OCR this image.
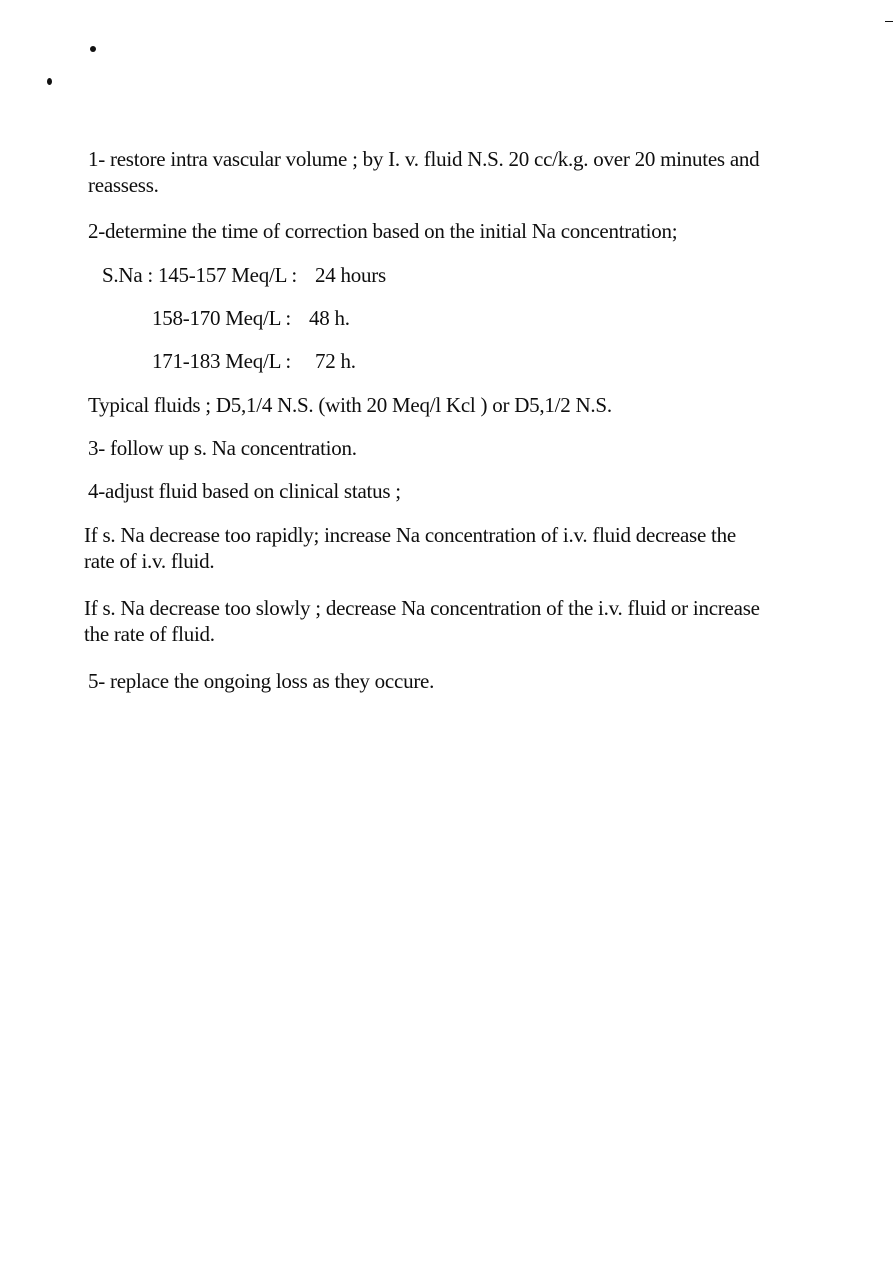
1- restore intra vascular volume ; by I. v. fluid N.S. 20 cc/k.g. over 20 minutes and

reassess.

2-determine the time of correction based on the initial Na concentration;

S.Na : 145-157 Meq/L : 24 hours

158-170 Meq/L : 48 h.

171-183 Meq/L : 72 h.

Typical fluids ; D5,1/4 N.S. (with 20 Meq/l Kcl ) or D5,1/2 N.S.

3- follow up s. Na concentration.

4-adjust fluid based on clinical status ;

If s. Na decrease too rapidly; increase Na concentration of i.v. fluid decrease the

rate of i.v. fluid.

If s. Na decrease too slowly ; decrease Na concentration of the i.v. fluid or increase

the rate of fluid.

5- replace the ongoing loss as they occure.
